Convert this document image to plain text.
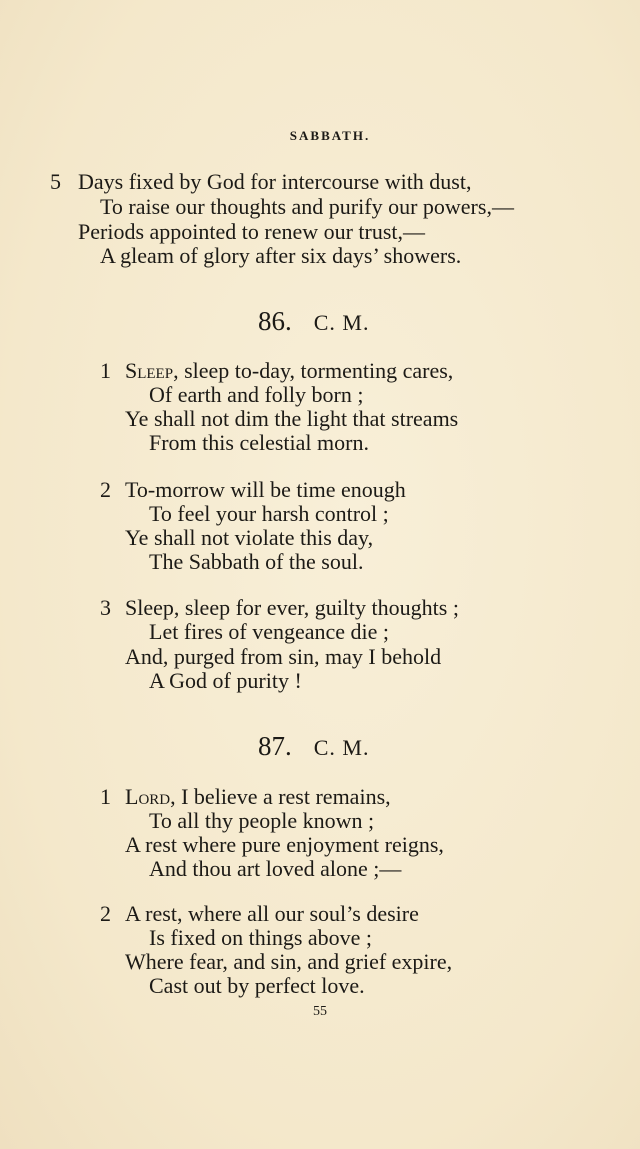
SABBATH.
5 Days fixed by God for intercourse with dust,
To raise our thoughts and purify our powers,—
Periods appointed to renew our trust,—
A gleam of glory after six days’ showers.
86. C. M.
1 Sleep, sleep to-day, tormenting cares,
Of earth and folly born ;
Ye shall not dim the light that streams
From this celestial morn.
2 To-morrow will be time enough
To feel your harsh control ;
Ye shall not violate this day,
The Sabbath of the soul.
3 Sleep, sleep for ever, guilty thoughts ;
Let fires of vengeance die ;
And, purged from sin, may I behold
A God of purity !
87. C. M.
1 Lord, I believe a rest remains,
To all thy people known ;
A rest where pure enjoyment reigns,
And thou art loved alone ;—
2 A rest, where all our soul’s desire
Is fixed on things above ;
Where fear, and sin, and grief expire,
Cast out by perfect love.
55
